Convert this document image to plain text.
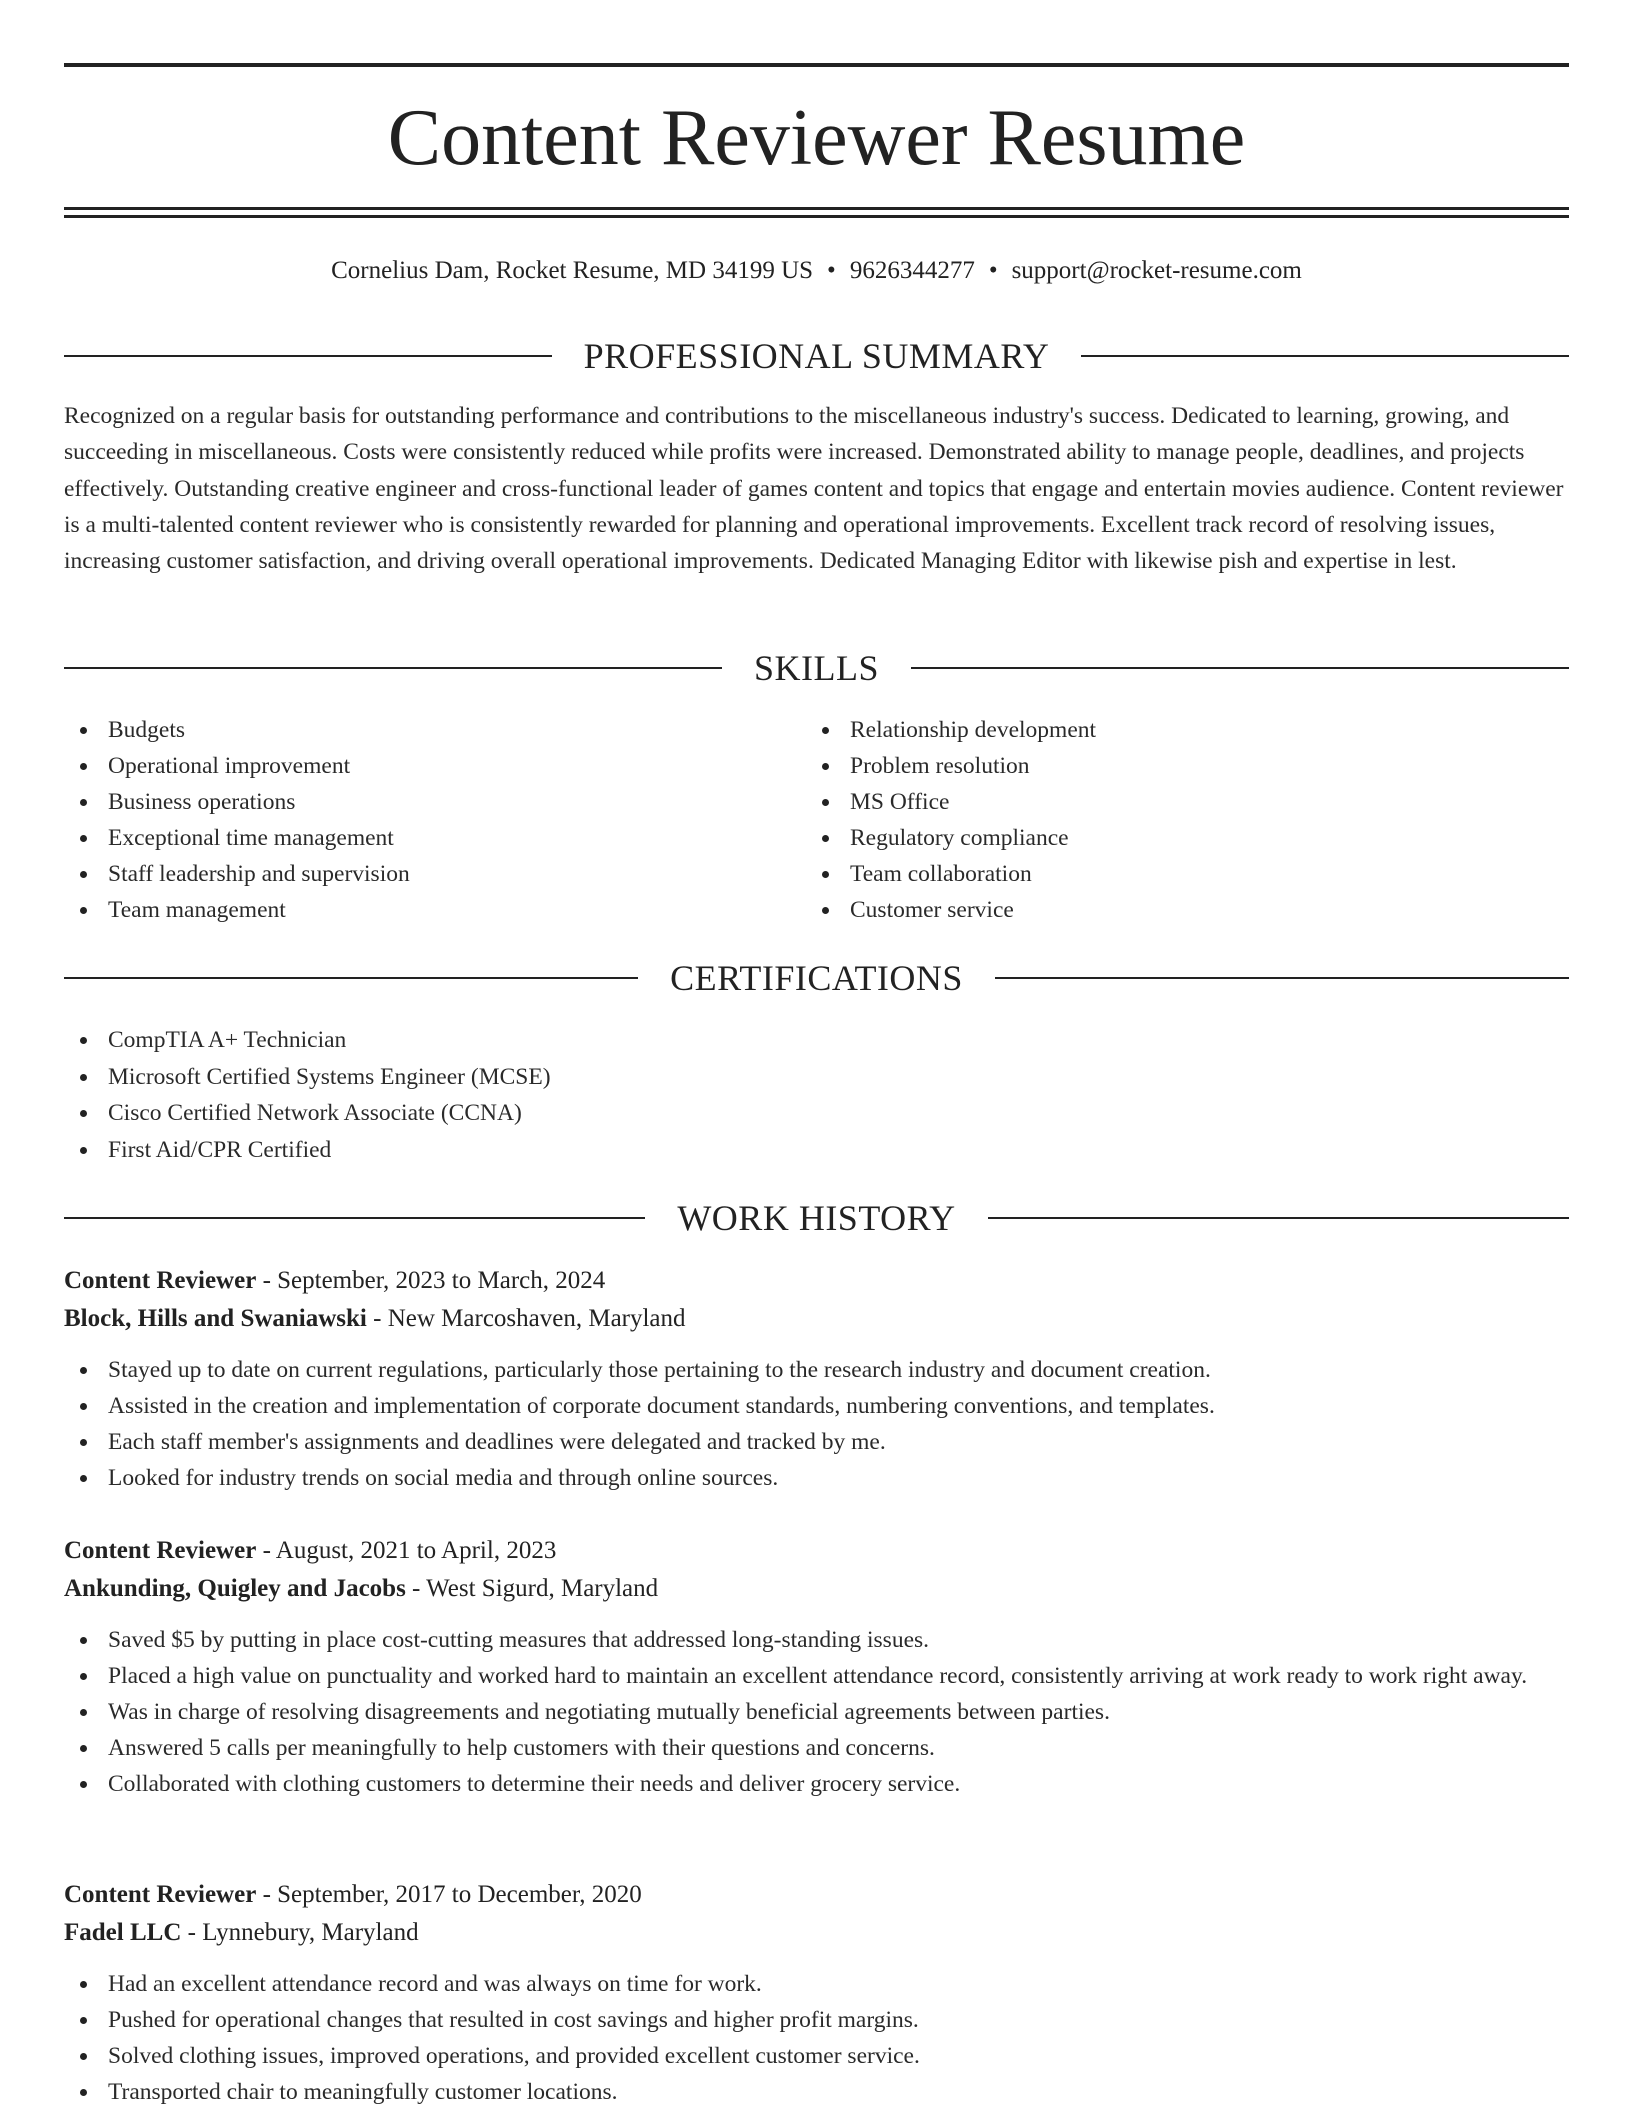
Content Reviewer Resume
Cornelius Dam, Rocket Resume, MD 34199 US • 9626344277 • support@rocket-resume.com
PROFESSIONAL SUMMARY

Recognized on a regular basis for outstanding performance and contributions to the miscellaneous industry's success. Dedicated to learning, growing, and succeeding in miscellaneous. Costs were consistently reduced while profits were increased. Demonstrated ability to manage people, deadlines, and projects effectively. Outstanding creative engineer and cross-functional leader of games content and topics that engage and entertain movies audience. Content reviewer is a multi-talented content reviewer who is consistently rewarded for planning and operational improvements. Excellent track record of resolving issues, increasing customer satisfaction, and driving overall operational improvements. Dedicated Managing Editor with likewise pish and expertise in lest.

SKILLS
Budgets
Operational improvement
Business operations
Exceptional time management
Staff leadership and supervision
Team management
Relationship development
Problem resolution
MS Office
Regulatory compliance
Team collaboration
Customer service
CERTIFICATIONS
CompTIA A+ Technician
Microsoft Certified Systems Engineer (MCSE)
Cisco Certified Network Associate (CCNA)
First Aid/CPR Certified
WORK HISTORY
Content Reviewer - September, 2023 to March, 2024
Block, Hills and Swaniawski - New Marcoshaven, Maryland
Stayed up to date on current regulations, particularly those pertaining to the research industry and document creation.
Assisted in the creation and implementation of corporate document standards, numbering conventions, and templates.
Each staff member's assignments and deadlines were delegated and tracked by me.
Looked for industry trends on social media and through online sources.
Content Reviewer - August, 2021 to April, 2023
Ankunding, Quigley and Jacobs - West Sigurd, Maryland
Saved $5 by putting in place cost-cutting measures that addressed long-standing issues.
Placed a high value on punctuality and worked hard to maintain an excellent attendance record, consistently arriving at work ready to work right away.
Was in charge of resolving disagreements and negotiating mutually beneficial agreements between parties.
Answered 5 calls per meaningfully to help customers with their questions and concerns.
Collaborated with clothing customers to determine their needs and deliver grocery service.
Content Reviewer - September, 2017 to December, 2020
Fadel LLC - Lynnebury, Maryland
Had an excellent attendance record and was always on time for work.
Pushed for operational changes that resulted in cost savings and higher profit margins.
Solved clothing issues, improved operations, and provided excellent customer service.
Transported chair to meaningfully customer locations.
